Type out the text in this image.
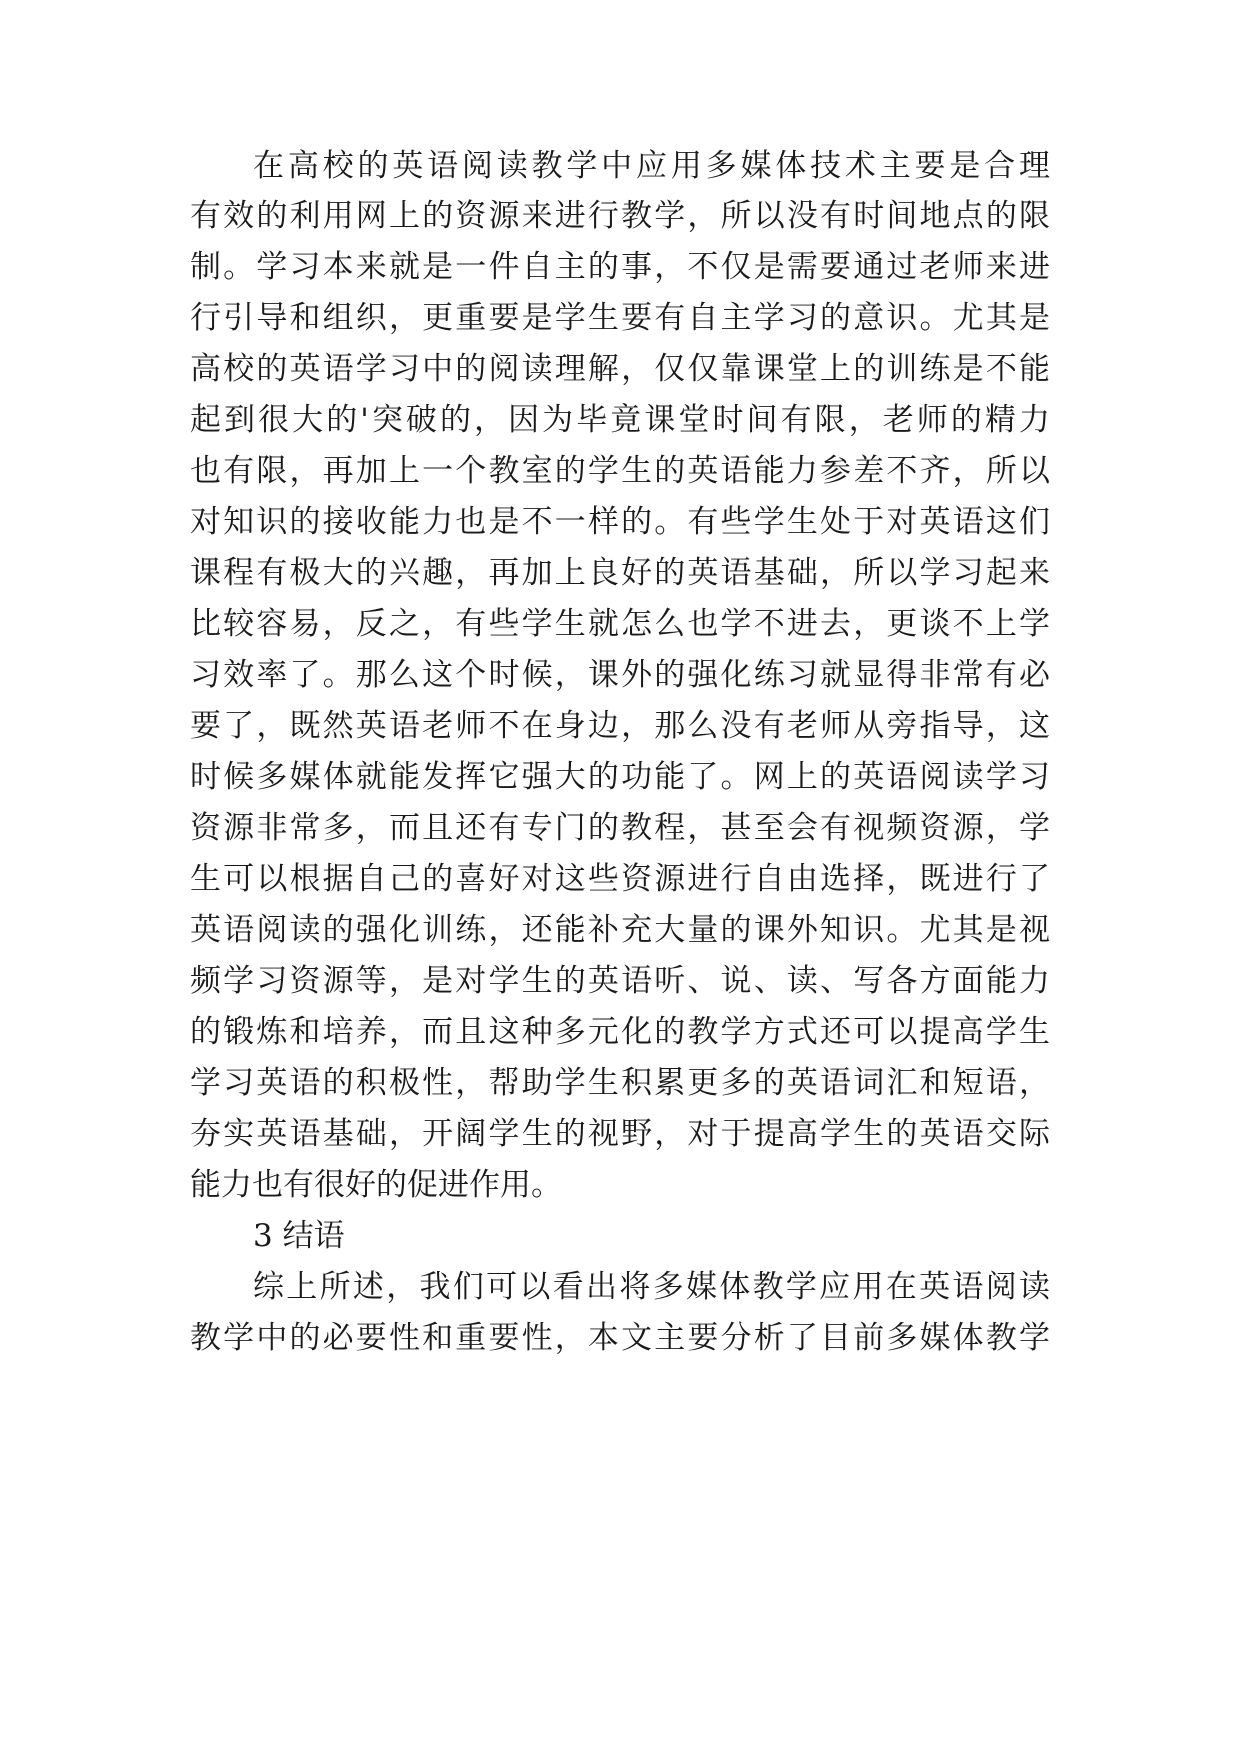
在高校的英语阅读教学中应用多媒体技术主要是合理
有效的利用网上的资源来进行教学，所以没有时间地点的限
制。学习本来就是一件自主的事，不仅是需要通过老师来进
行引导和组织，更重要是学生要有自主学习的意识。尤其是
高校的英语学习中的阅读理解，仅仅靠课堂上的训练是不能
起到很大的'突破的，因为毕竟课堂时间有限，老师的精力
也有限，再加上一个教室的学生的英语能力参差不齐，所以
对知识的接收能力也是不一样的。有些学生处于对英语这们
课程有极大的兴趣，再加上良好的英语基础，所以学习起来
比较容易，反之，有些学生就怎么也学不进去，更谈不上学
习效率了。那么这个时候，课外的强化练习就显得非常有必
要了，既然英语老师不在身边，那么没有老师从旁指导，这
时候多媒体就能发挥它强大的功能了。网上的英语阅读学习
资源非常多，而且还有专门的教程，甚至会有视频资源，学
生可以根据自己的喜好对这些资源进行自由选择，既进行了
英语阅读的强化训练，还能补充大量的课外知识。尤其是视
频学习资源等，是对学生的英语听、说、读、写各方面能力
的锻炼和培养，而且这种多元化的教学方式还可以提高学生
学习英语的积极性，帮助学生积累更多的英语词汇和短语，
夯实英语基础，开阔学生的视野，对于提高学生的英语交际
能力也有很好的促进作用。
3 结语
综上所述，我们可以看出将多媒体教学应用在英语阅读
教学中的必要性和重要性，本文主要分析了目前多媒体教学
